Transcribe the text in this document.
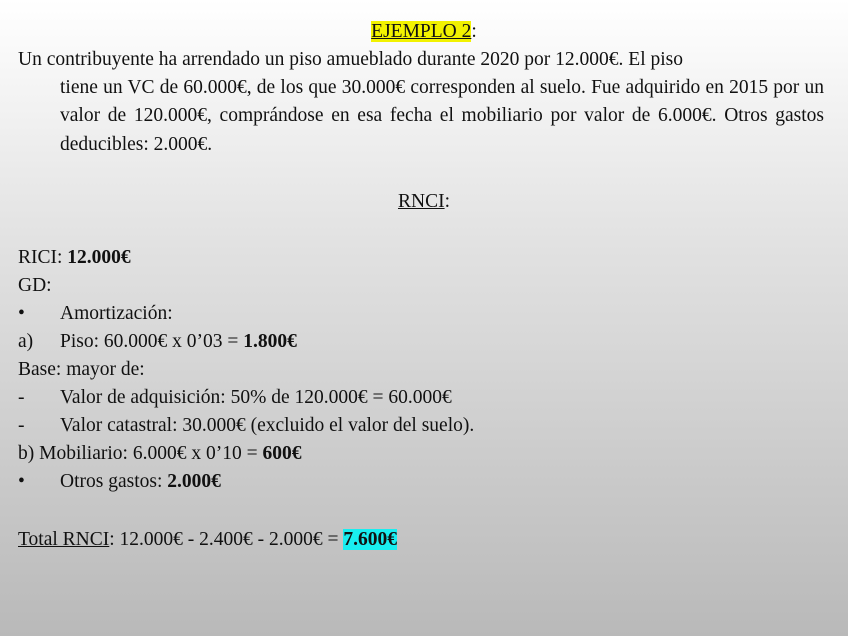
EJEMPLO 2:
Un contribuyente ha arrendado un piso amueblado durante 2020 por 12.000€. El piso
tiene un VC de 60.000€, de los que 30.000€ corresponden al suelo. Fue adquirido en 2015 por un valor de 120.000€, comprándose en esa fecha el mobiliario por valor de 6.000€. Otros gastos deducibles: 2.000€.
RNCI:
RICI: 12.000€
GD:
•	Amortización:
a) Piso: 60.000€ x 0’03 = 1.800€
Base: mayor de:
-	Valor de adquisición: 50% de 120.000€ = 60.000€
-	Valor catastral: 30.000€ (excluido el valor del suelo).
b) Mobiliario: 6.000€ x 0’10 = 600€
•	Otros gastos: 2.000€
Total RNCI: 12.000€ - 2.400€ - 2.000€ = 7.600€
